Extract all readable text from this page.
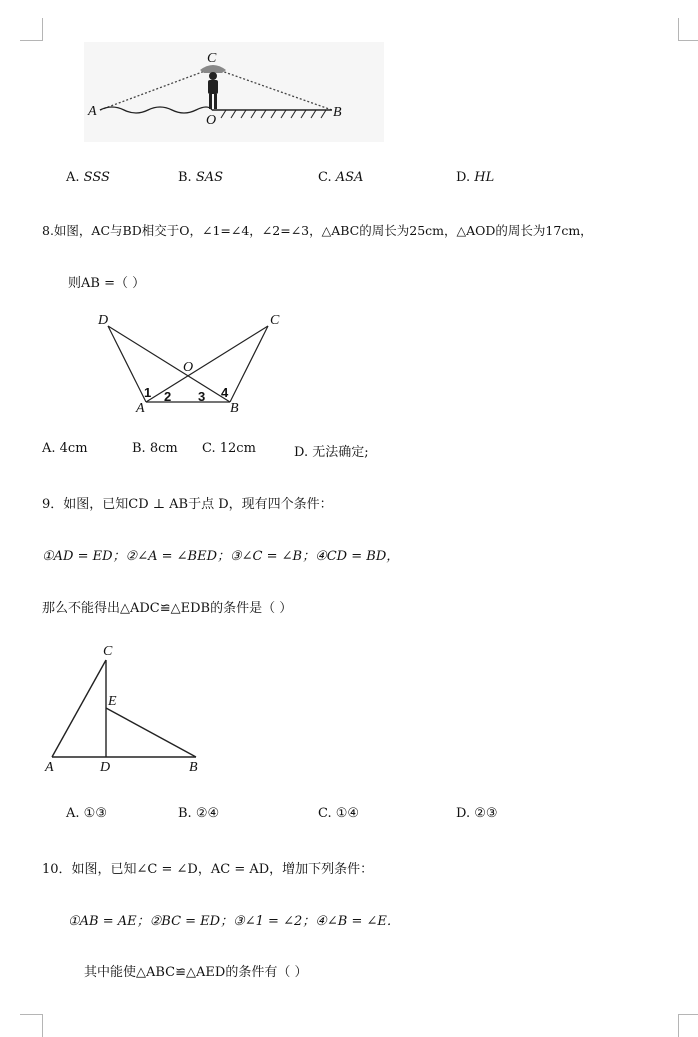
C
A	B
O
A. SSS	B. SAS	C. ASA	D. HL
8.如图，AC与BD相交于O，∠1=∠4，∠2=∠3，△ABC的周长为25cm，△AOD的周长为17cm，
则AB =（ ）
D	C
O
A	B
1 2 3 4
A. 4cm	B. 8cm C. 12cm	D. 无法确定;
9．如图，已知CD ⊥ AB于点 D，现有四个条件：
①AD = ED；②∠A = ∠BED；③∠C = ∠B；④CD = BD，
那么不能得出△ADC≌△EDB的条件是（ ）
C
E
A	D	B
A. ①③	B. ②④	C. ①④	D. ②③
10．如图，已知∠C = ∠D，AC = AD，增加下列条件：
①AB = AE；②BC = ED；③∠1 = ∠2；④∠B = ∠E．
其中能使△ABC≌△AED的条件有（ ）
